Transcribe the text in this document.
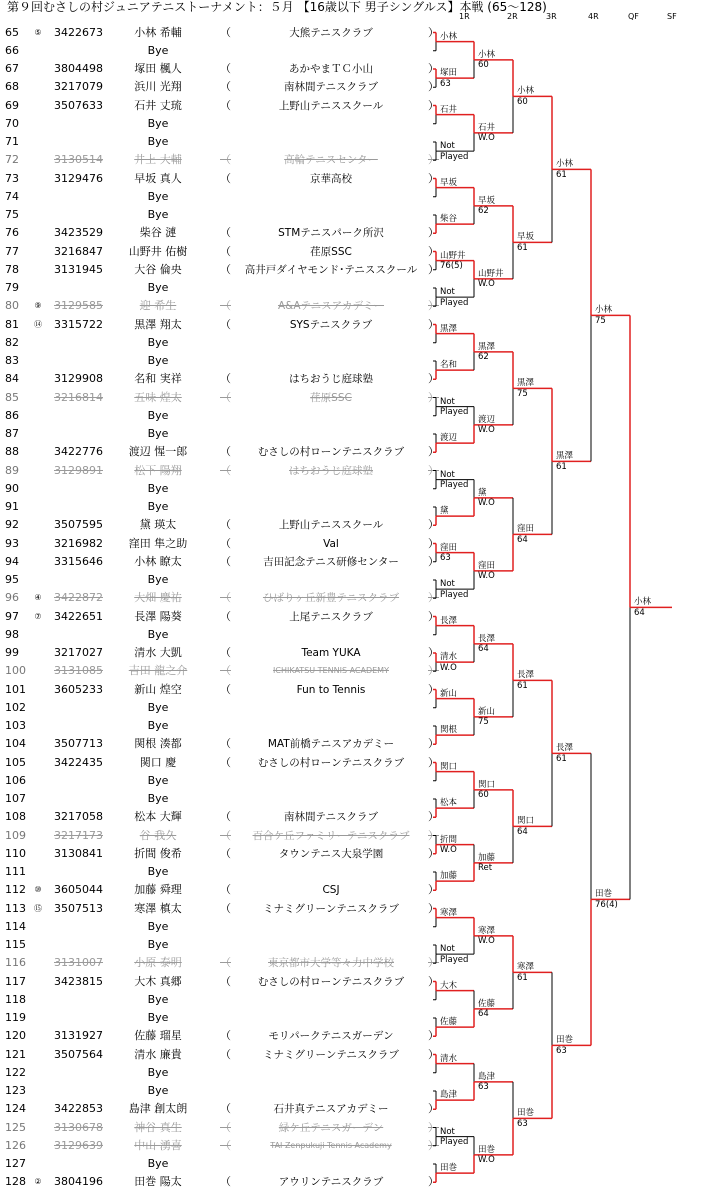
第９回むさしの村ジュニアテニストーナメント：５月 【16歳以下 男子シングルス】本戦 (65～128)
1R	2R	3R	4R	QF	SF
65	⑤	3422673	小林 希輔	（	大熊テニスクラブ	）
66	Bye
67	3804498	塚田 楓人	（	あかやまＴＣ小山	）
68	3217079	浜川 光翔	（	南林間テニスクラブ	）
69	3507633	石井 丈琉	（	上野山テニススクール	）
70	Bye
71	Bye
72	3130514	井上 大輔	（	高輪テニスセンター	）
73	3129476	早坂 真人	（	京華高校	）
74	Bye
75	Bye
76	3423529	柴谷 漣	（	STMテニスパーク所沢	）
77	3216847	山野井 佑樹	（	荏原SSC	）
78	3131945	大谷 倫央	（	高井戸ダイヤモンド･テニススクール ）
79	Bye
80	⑨	3129585	迎 希生	（	A&Aテニスアカデミー	）
81	⑭ 3315722	黒澤 翔太	（	SYSテニスクラブ	）
82	Bye
83	Bye
84	3129908	名和 実祥	（	はちおうじ庭球塾	）
85	3216814	五味 煌太	（	荏原SSC	）
86	Bye
87	Bye
88	3422776	渡辺 惺一郎	（	むさしの村ローンテニスクラブ	）
89	3129891	松下 陽翔	（	はちおうじ庭球塾	）
90	Bye
91	Bye
92	3507595	黛 瑛太	（	上野山テニススクール	）
93	3216982	窪田 隼之助	（	Val	）
94	3315646	小林 瞭太	（	吉田記念テニス研修センター	）
95	Bye
96	④	3422872	大畑 慶祐	（	ひばりヶ丘新豊テニスクラブ	）
97	⑦	3422651	長澤 陽葵	（	上尾テニスクラブ	）
98	Bye
99	3217027	清水 大凱	（	Team YUKA	）
100	3131085	吉田 龍之介	（	ICHIKATSU TENNIS ACADEMY	）
101	3605233	新山 煌空	（	Fun to Tennis	）
102	Bye
103	Bye
104	3507713	関根 湊都	（	MAT前橋テニスアカデミー	）
105	3422435	関口 慶	（	むさしの村ローンテニスクラブ	）
106	Bye
107	Bye
108	3217058	松本 大輝	（	南林間テニスクラブ	）
109	3217173	谷 我久	（	百合ケ丘ファミリーテニスクラブ	）
110	3130841	折間 俊希	（	タウンテニス大泉学園	）
111	Bye
112	⑩	3605044	加藤 舜理	（	CSJ	）
113	⑮ 3507513	寒澤 槙太	（	ミナミグリーンテニスクラブ	）
114	Bye
115	Bye
116	3131007	小原 泰明	（	東京都市大学等々力中学校	）
117	3423815	大木 真郷	（	むさしの村ローンテニスクラブ	）
118	Bye
119	Bye
120	3131927	佐藤 瑠星	（	モリパークテニスガーデン	）
121	3507564	清水 廉貴	（	ミナミグリーンテニスクラブ	）
122	Bye
123	Bye
124	3422853	島津 創太朗	（	石井真テニスアカデミー	）
125	3130678	神谷 真生	（	緑ケ丘テニスガーデン	）
126	3129639	中山 湧喜	（	TAI Zenpukuji Tennis Academy	）
127	Bye
128	②	3804196	田巻 陽太	（	アウリンテニスクラブ	）
小林
塚田
63
石井
Not
Played
早坂
柴谷
山野井
76(5)
Not
Played
黒澤
名和
Not
Played
渡辺
Not
Played
黛
窪田
63
Not
Played
長澤
清水
W.O
新山
関根
関口
松本
折間
W.O
加藤
寒澤
Not
Played
大木
佐藤
清水
島津
Not
Played
田巻
小林
60
石井
W.O
早坂
62
山野井
W.O
黒澤
62
渡辺
W.O
黛
W.O
窪田
W.O
長澤
64
新山
75
関口
60
加藤
Ret
寒澤
W.O
佐藤
64
島津
63
田巻
W.O
小林
60
早坂
61
黒澤
75
窪田
64
長澤
61
関口
64
寒澤
61
田巻
63
小林
61
黒澤
61
長澤
61
田巻
63
小林
75
田巻
76(4)
小林
64
